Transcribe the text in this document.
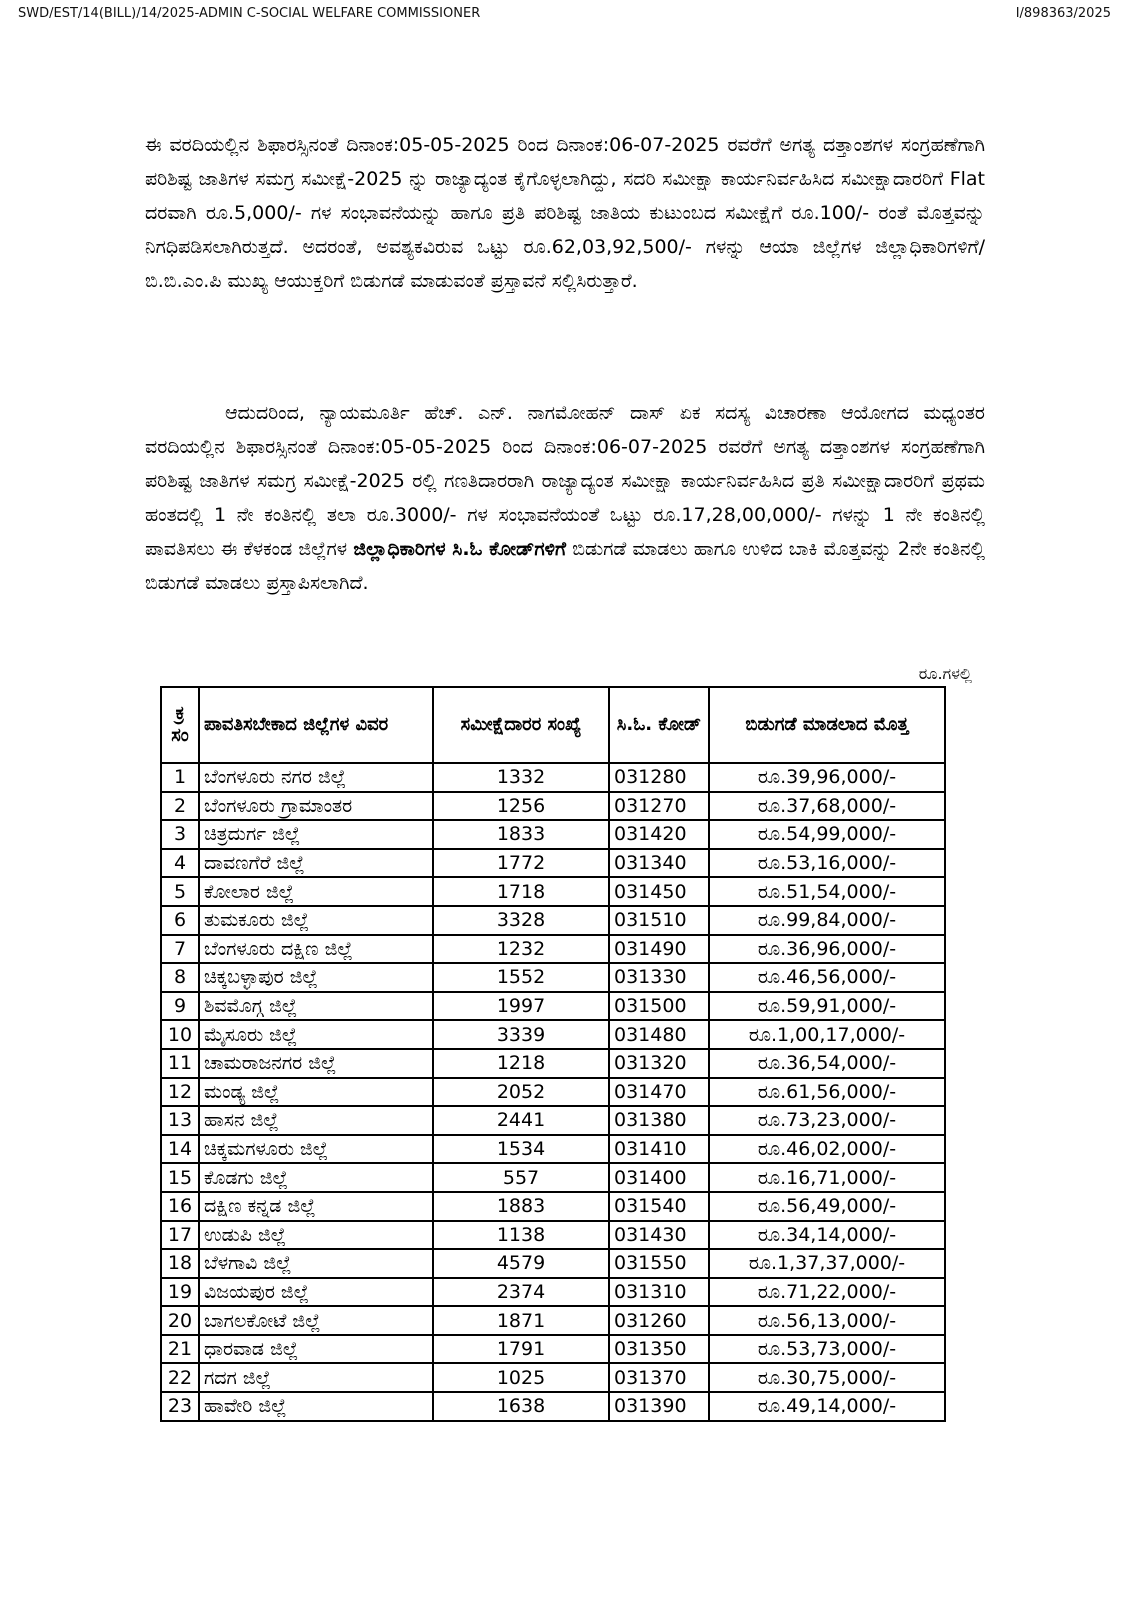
SWD/EST/14(BILL)/14/2025-ADMIN C-SOCIAL WELFARE COMMISSIONER	I/898363/2025

ಈ ವರದಿಯಲ್ಲಿನ ಶಿಫಾರಸ್ಸಿನಂತೆ ದಿನಾಂಕ:05-05-2025 ರಿಂದ ದಿನಾಂಕ:06-07-2025 ರವರೆಗೆ ಅಗತ್ಯ ದತ್ತಾಂಶಗಳ ಸಂಗ್ರಹಣೆಗಾಗಿ ಪರಿಶಿಷ್ಟ ಜಾತಿಗಳ ಸಮಗ್ರ ಸಮೀಕ್ಷೆ-2025 ನ್ನು ರಾಜ್ಯಾದ್ಯಂತ ಕೈಗೊಳ್ಳಲಾಗಿದ್ದು, ಸದರಿ ಸಮೀಕ್ಷಾ ಕಾರ್ಯನಿರ್ವಹಿಸಿದ ಸಮೀಕ್ಷಾದಾರರಿಗೆ Flat ದರವಾಗಿ ರೂ.5,000/- ಗಳ ಸಂಭಾವನೆಯನ್ನು ಹಾಗೂ ಪ್ರತಿ ಪರಿಶಿಷ್ಟ ಜಾತಿಯ ಕುಟುಂಬದ ಸಮೀಕ್ಷೆಗೆ ರೂ.100/- ರಂತೆ ಮೊತ್ತವನ್ನು ನಿಗಧಿಪಡಿಸಲಾಗಿರುತ್ತದೆ. ಅದರಂತೆ, ಅವಶ್ಯಕವಿರುವ ಒಟ್ಟು ರೂ.62,03,92,500/- ಗಳನ್ನು ಆಯಾ ಜಿಲ್ಲೆಗಳ ಜಿಲ್ಲಾಧಿಕಾರಿಗಳಿಗೆ/ಬಿ.ಬಿ.ಎಂ.ಪಿ ಮುಖ್ಯ ಆಯುಕ್ತರಿಗೆ ಬಿಡುಗಡೆ ಮಾಡುವಂತೆ ಪ್ರಸ್ತಾವನೆ ಸಲ್ಲಿಸಿರುತ್ತಾರೆ.

ಆದುದರಿಂದ, ನ್ಯಾಯಮೂರ್ತಿ ಹೆಚ್. ಎನ್. ನಾಗಮೋಹನ್ ದಾಸ್ ಏಕ ಸದಸ್ಯ ವಿಚಾರಣಾ ಆಯೋಗದ ಮಧ್ಯಂತರ ವರದಿಯಲ್ಲಿನ ಶಿಫಾರಸ್ಸಿನಂತೆ ದಿನಾಂಕ:05-05-2025 ರಿಂದ ದಿನಾಂಕ:06-07-2025 ರವರೆಗೆ ಅಗತ್ಯ ದತ್ತಾಂಶಗಳ ಸಂಗ್ರಹಣೆಗಾಗಿ ಪರಿಶಿಷ್ಟ ಜಾತಿಗಳ ಸಮಗ್ರ ಸಮೀಕ್ಷೆ-2025 ರಲ್ಲಿ ಗಣತಿದಾರರಾಗಿ ರಾಜ್ಯಾದ್ಯಂತ ಸಮೀಕ್ಷಾ ಕಾರ್ಯನಿರ್ವಹಿಸಿದ ಪ್ರತಿ ಸಮೀಕ್ಷಾದಾರರಿಗೆ ಪ್ರಥಮ ಹಂತದಲ್ಲಿ 1 ನೇ ಕಂತಿನಲ್ಲಿ ತಲಾ ರೂ.3000/- ಗಳ ಸಂಭಾವನೆಯಂತೆ ಒಟ್ಟು ರೂ.17,28,00,000/- ಗಳನ್ನು 1 ನೇ ಕಂತಿನಲ್ಲಿ ಪಾವತಿಸಲು ಈ ಕೆಳಕಂಡ ಜಿಲ್ಲೆಗಳ ಜಿಲ್ಲಾಧಿಕಾರಿಗಳ ಸಿ.ಓ ಕೋಡ್‌ಗಳಿಗೆ ಬಿಡುಗಡೆ ಮಾಡಲು ಹಾಗೂ ಉಳಿದ ಬಾಕಿ ಮೊತ್ತವನ್ನು 2ನೇ ಕಂತಿನಲ್ಲಿ ಬಿಡುಗಡೆ ಮಾಡಲು ಪ್ರಸ್ತಾಪಿಸಲಾಗಿದೆ.

ರೂ.ಗಳಲ್ಲಿ
ಕ್ರ ಸಂ	ಪಾವತಿಸಬೇಕಾದ ಜಿಲ್ಲೆಗಳ ವಿವರ	ಸಮೀಕ್ಷೆದಾರರ ಸಂಖ್ಯೆ	ಸಿ.ಓ. ಕೋಡ್	ಬಿಡುಗಡೆ ಮಾಡಲಾದ ಮೊತ್ತ
1	ಬೆಂಗಳೂರು ನಗರ ಜಿಲ್ಲೆ	1332	031280	ರೂ.39,96,000/-
2	ಬೆಂಗಳೂರು ಗ್ರಾಮಾಂತರ	1256	031270	ರೂ.37,68,000/-
3	ಚಿತ್ರದುರ್ಗ ಜಿಲ್ಲೆ	1833	031420	ರೂ.54,99,000/-
4	ದಾವಣಗೆರೆ ಜಿಲ್ಲೆ	1772	031340	ರೂ.53,16,000/-
5	ಕೋಲಾರ ಜಿಲ್ಲೆ	1718	031450	ರೂ.51,54,000/-
6	ತುಮಕೂರು ಜಿಲ್ಲೆ	3328	031510	ರೂ.99,84,000/-
7	ಬೆಂಗಳೂರು ದಕ್ಷಿಣ ಜಿಲ್ಲೆ	1232	031490	ರೂ.36,96,000/-
8	ಚಿಕ್ಕಬಳ್ಳಾಪುರ ಜಿಲ್ಲೆ	1552	031330	ರೂ.46,56,000/-
9	ಶಿವಮೊಗ್ಗ ಜಿಲ್ಲೆ	1997	031500	ರೂ.59,91,000/-
10	ಮೈಸೂರು ಜಿಲ್ಲೆ	3339	031480	ರೂ.1,00,17,000/-
11	ಚಾಮರಾಜನಗರ ಜಿಲ್ಲೆ	1218	031320	ರೂ.36,54,000/-
12	ಮಂಡ್ಯ ಜಿಲ್ಲೆ	2052	031470	ರೂ.61,56,000/-
13	ಹಾಸನ ಜಿಲ್ಲೆ	2441	031380	ರೂ.73,23,000/-
14	ಚಿಕ್ಕಮಗಳೂರು ಜಿಲ್ಲೆ	1534	031410	ರೂ.46,02,000/-
15	ಕೊಡಗು ಜಿಲ್ಲೆ	557	031400	ರೂ.16,71,000/-
16	ದಕ್ಷಿಣ ಕನ್ನಡ ಜಿಲ್ಲೆ	1883	031540	ರೂ.56,49,000/-
17	ಉಡುಪಿ ಜಿಲ್ಲೆ	1138	031430	ರೂ.34,14,000/-
18	ಬೆಳಗಾವಿ ಜಿಲ್ಲೆ	4579	031550	ರೂ.1,37,37,000/-
19	ವಿಜಯಪುರ ಜಿಲ್ಲೆ	2374	031310	ರೂ.71,22,000/-
20	ಬಾಗಲಕೋಟೆ ಜಿಲ್ಲೆ	1871	031260	ರೂ.56,13,000/-
21	ಧಾರವಾಡ ಜಿಲ್ಲೆ	1791	031350	ರೂ.53,73,000/-
22	ಗದಗ ಜಿಲ್ಲೆ	1025	031370	ರೂ.30,75,000/-
23	ಹಾವೇರಿ ಜಿಲ್ಲೆ	1638	031390	ರೂ.49,14,000/-
